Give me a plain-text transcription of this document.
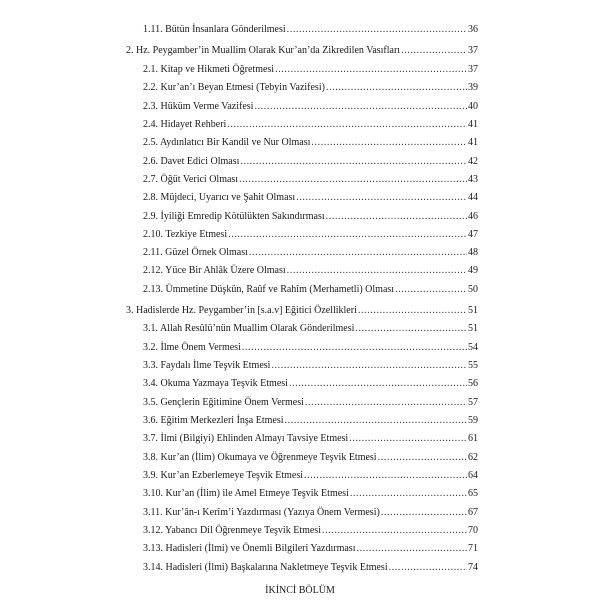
1.11. Bütün İnsanlara Gönderilmesi .....	36
2. Hz. Peygamber’in Muallim Olarak Kur’an’da Zikredilen Vasıfları .....	37
2.1. Kitap ve Hikmeti Öğretmesi .....	37
2.2. Kur’an’ı Beyan Etmesi (Tebyin Vazifesi) .....	39
2.3. Hüküm Verme Vazifesi .....	40
2.4. Hidayet Rehberi .....	41
2.5. Aydınlatıcı Bir Kandil ve Nur Olması .....	41
2.6. Davet Edici Olması .....	42
2.7. Öğüt Verici Olması .....	43
2.8. Müjdeci, Uyarıcı ve Şahit Olması .....	44
2.9. İyiliği Emredip Kötülükten Sakındırması .....	46
2.10. Tezkiye Etmesi .....	47
2.11. Güzel Örnek Olması .....	48
2.12. Yüce Bir Ahlâk Üzere Olması .....	49
2.13. Ümmetine Düşkün, Raûf ve Rahîm (Merhametli) Olması .....	50
3. Hadislerde Hz. Peygamber’in [s.a.v] Eğitici Özellikleri .....	51
3.1. Allah Resûlü’nün Muallim Olarak Gönderilmesi .....	51
3.2. İlme Önem Vermesi .....	54
3.3. Faydalı İlme Teşvik Etmesi .....	55
3.4. Okuma Yazmaya Teşvik Etmesi .....	56
3.5. Gençlerin Eğitimine Önem Vermesi .....	57
3.6. Eğitim Merkezleri İnşa Etmesi .....	59
3.7. İlmi (Bilgiyi) Ehlinden Almayı Tavsiye Etmesi .....	61
3.8. Kur’an (İlim) Okumaya ve Öğrenmeye Teşvik Etmesi .....	62
3.9. Kur’an Ezberlemeye Teşvik Etmesi .....	64
3.10. Kur’an (İlim) ile Amel Etmeye Teşvik Etmesi .....	65
3.11. Kur’ân-ı Kerîm’i Yazdırması (Yazıya Önem Vermesi) .....	67
3.12. Yabancı Dil Öğrenmeye Teşvik Etmesi .....	70
3.13. Hadisleri (İlmi) ve Önemli Bilgileri Yazdırması .....	71
3.14. Hadisleri (İlmi) Başkalarına Nakletmeye Teşvik Etmesi .....	74
İKİNCİ BÖLÜM
